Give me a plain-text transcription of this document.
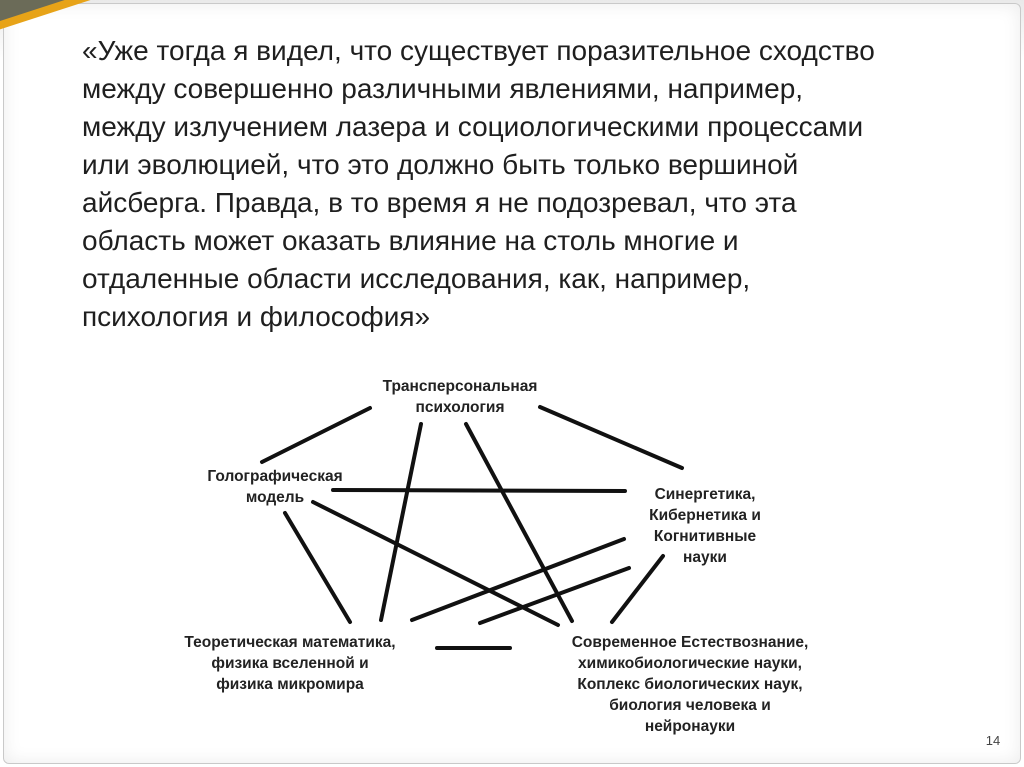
«Уже тогда я видел, что существует поразительное сходство
между совершенно различными явлениями, например,
между излучением лазера и социологическими процессами
или эволюцией, что это должно быть только вершиной
айсберга. Правда, в то время я не подозревал, что эта
область может оказать влияние на столь многие и
отдаленные области исследования, как, например,
психология и философия»

Трансперсональная
психология
Голографическая
модель	Синергетика,
Кибернетика и
Когнитивные
науки
Теоретическая математика,
физика вселенной и
физика микромира
Современное Естествознание,
химикобиологические науки,
Коплекс биологических наук,
биология человека и
нейронауки
14
